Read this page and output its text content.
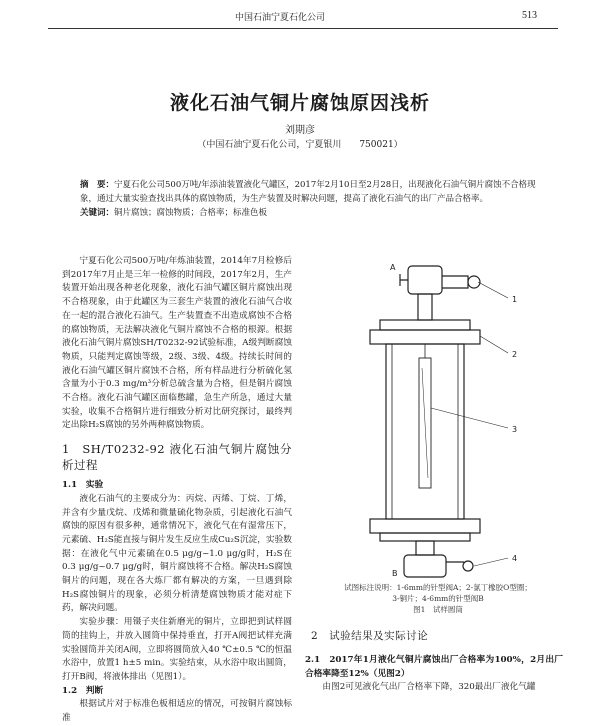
中国石油宁夏石化公司	513
液化石油气铜片腐蚀原因浅析
刘期彦
（中国石油宁夏石化公司，宁夏银川　　750021）
摘　要：宁夏石化公司500万吨/年添油装置液化气罐区，2017年2月10日至2月28日，出现液化石油气铜片腐蚀不合格现象，通过大量实验查找出具体的腐蚀物质，为生产装置及时解决问题，提高了液化石油气的出厂产品合格率。
关键词：铜片腐蚀；腐蚀物质；合格率；标准色板

宁夏石化公司500万吨/年炼油装置，2014年7月检修后到2017年7月止是三年一检修的时间段，2017年2月，生产装置开始出现各种老化现象，液化石油气罐区铜片腐蚀出现不合格现象，由于此罐区为三套生产装置的液化石油气合收在一起的混合液化石油气。生产装置查不出造成腐蚀不合格的腐蚀物质，无法解决液化气铜片腐蚀不合格的根源。根据液化石油气铜片腐蚀SH/T0232-92试验标准，A级判断腐蚀物质，只能判定腐蚀等级，2级、3级、4级。持续长时间的液化石油气罐区铜片腐蚀不合格，所有样品进行分析硫化氢含量为小于0.3 mg/m³分析总硫含量为合格，但是铜片腐蚀不合格。液化石油气罐区面临憋罐，急生产所急，通过大量实验，收集不合格铜片进行细致分析对比研究探讨，最终判定出除H₂S腐蚀的另外两种腐蚀物质。

1　SH/T0232-92 液化石油气铜片腐蚀分析过程
1.1　实验

液化石油气的主要成分为：丙烷、丙烯、丁烷、丁烯，并含有少量戊烷、戊烯和微量硫化物杂质，引起液化石油气腐蚀的原因有很多种，通常情况下，液化气在有湿常压下，元素硫、H₂S能直接与铜片发生反应生成Cu₂S沉淀，实验数据：在液化气中元素硫在0.5 μg/g~1.0 μg/g时，H₂S在0.3 μg/g~0.7 μg/g时，铜片腐蚀将不合格。解决H₂S腐蚀铜片的问题，现在各大炼厂都有解决的方案，一旦遇到除H₂S腐蚀铜片的现象，必须分析清楚腐蚀物质才能对症下药，解决问题。

实验步骤：用镊子夹住新磨光的铜片，立即把到试样圆筒的挂钩上，并放入圆筒中保持垂直，打开A阀把试样充满实验圆筒并关闭A阀，立即将圆筒放入40 ℃±0.5 ℃的恒温水浴中，放置1 h±5 min。实验结束，从水浴中取出圆筒，打开B阀，将液体排出（见图1）。

1.2　判断

根据试片对于标准色板相适应的情况，可按铜片腐蚀标准

1
2
3
4
A
B
试图标注说明：1-6mm的针型阀A；2-氯丁橡胶O型圈；
3-铜片；4-6mm的针型阀B
图1　试样圆筒
2　试验结果及实际讨论
2.1　2017年1月液化气铜片腐蚀出厂合格率为100%，2月出厂合格率降至12%（见图2）

由图2可见液化气出厂合格率下降，320最出厂液化气罐
